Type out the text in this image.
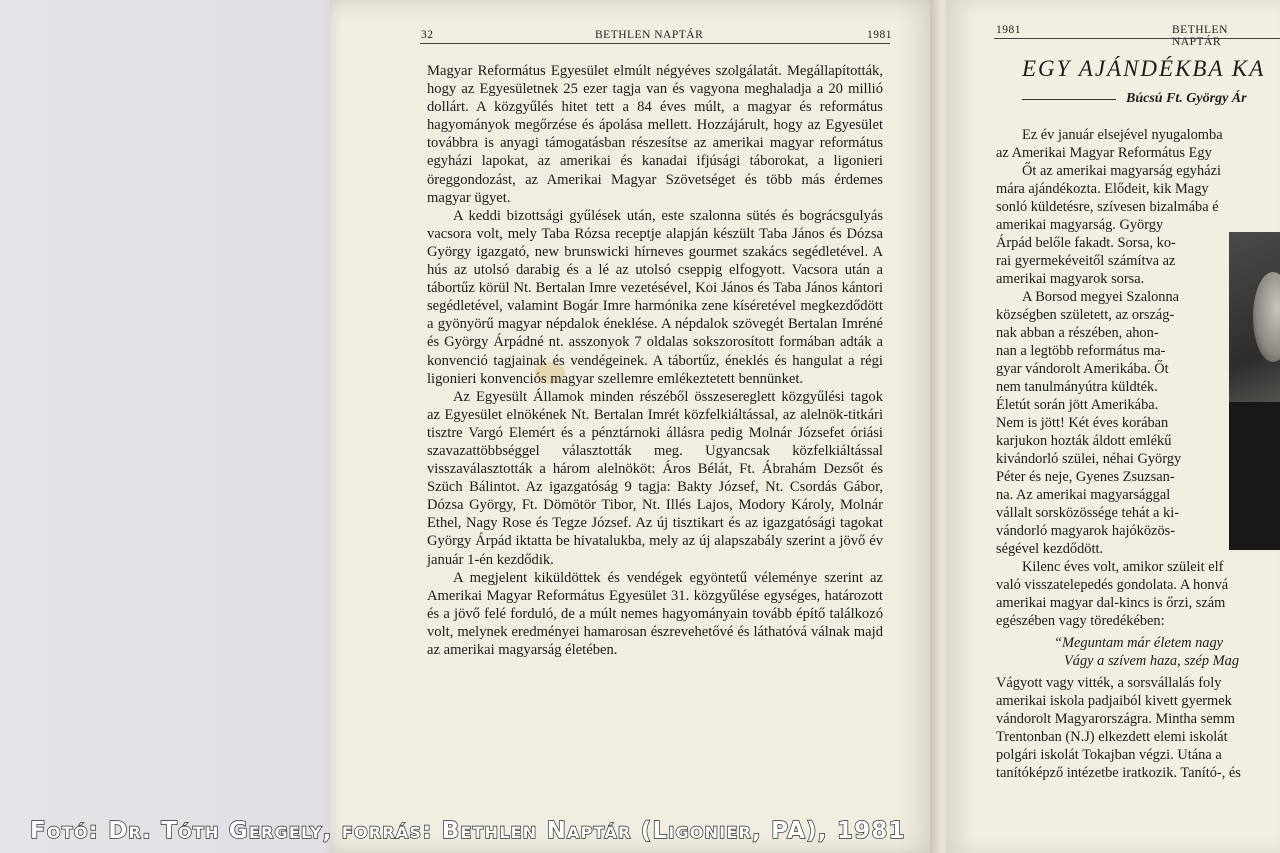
32	BETHLEN NAPTÁR	1981

Magyar Református Egyesület elmúlt négyéves szolgálatát. Megállapították, hogy az Egyesületnek 25 ezer tagja van és vagyona meghaladja a 20 millió dollárt. A közgyűlés hitet tett a 84 éves múlt, a magyar és református hagyományok megőrzése és ápolása mellett. Hozzájárult, hogy az Egyesület továbbra is anyagi támogatásban részesítse az amerikai magyar református egyházi lapokat, az amerikai és kanadai ifjúsági táborokat, a ligonieri öreggondozást, az Amerikai Magyar Szövetséget és több más érdemes magyar ügyet.

A keddi bizottsági gyűlések után, este szalonna sütés és bográcsgulyás vacsora volt, mely Taba Rózsa receptje alapján készült Taba János és Dózsa György igazgató, new brunswicki hírneves gourmet szakács segédletével. A hús az utolsó darabig és a lé az utolsó cseppig elfogyott. Vacsora után a tábortűz körül Nt. Bertalan Imre vezetésével, Koi János és Taba János kántori segédletével, valamint Bogár Imre harmónika zene kíséretével megkezdődött a gyönyörű magyar népdalok éneklése. A népdalok szövegét Bertalan Imréné és György Árpádné nt. asszonyok 7 oldalas sokszorosított formában adták a konvenció tagjainak és vendégeinek. A tábortűz, éneklés és hangulat a régi ligonieri konvenciós magyar szellemre emlékeztetett bennünket.

Az Egyesült Államok minden részéből összesereglett közgyűlési tagok az Egyesület elnökének Nt. Bertalan Imrét közfelkiáltással, az alelnök-titkári tisztre Vargó Elemért és a pénztárnoki állásra pedig Molnár Józsefet óriási szavazattöbbséggel választották meg. Ugyancsak közfelkiáltással visszaválasztották a három alelnököt: Áros Bélát, Ft. Ábrahám Dezsőt és Szüch Bálintot. Az igazgatóság 9 tagja: Bakty József, Nt. Csordás Gábor, Dózsa György, Ft. Dömötör Tibor, Nt. Illés Lajos, Modory Károly, Molnár Ethel, Nagy Rose és Tegze József. Az új tisztikart és az igazgatósági tagokat György Árpád iktatta be hivatalukba, mely az új alapszabály szerint a jövő év január 1-én kezdődik.

A megjelent kiküldöttek és vendégek egyöntetű véleménye szerint az Amerikai Magyar Református Egyesület 31. közgyűlése egységes, határozott és a jövő felé forduló, de a múlt nemes hagyományain tovább építő találkozó volt, melynek eredményei hamarosan észrevehetővé és láthatóvá válnak majd az amerikai magyarság életében.

1981	BETHLEN NAPTÁR
EGY AJÁNDÉKBA KA
Búcsú Ft. György Ár
Ez év január elsejével nyugalomba
az Amerikai Magyar Református Egy
Őt az amerikai magyarság egyházi
mára ajándékozta. Elődeit, kik Magy
sonló küldetésre, szívesen bizalmába é
amerikai magyarság. György
Árpád belőle fakadt. Sorsa, ko-
rai gyermekéveitől számítva az
amerikai magyarok sorsa.
A Borsod megyei Szalonna
községben született, az ország-
nak abban a részében, ahon-
nan a legtöbb református ma-
gyar vándorolt Amerikába. Őt
nem tanulmányútra küldték.
Életút során jött Amerikába.
Nem is jött! Két éves korában
karjukon hozták áldott emlékű
kivándorló szülei, néhai György
Péter és neje, Gyenes Zsuzsan-
na. Az amerikai magyarsággal
vállalt sorsközössége tehát a ki-
vándorló magyarok hajóközös-
ségével kezdődött.
Kilenc éves volt, amikor szüleit elf
való visszatelepedés gondolata. A honvá
amerikai magyar dal-kincs is őrzi, szám
egészében vagy töredékében:
“Meguntam már életem nagy
Vágy a szívem haza, szép Mag
Vágyott vagy vitték, a sorsvállalás foly
amerikai iskola padjaiból kivett gyermek
vándorolt Magyarországra. Mintha semm
Trentonban (N.J) elkezdett elemi iskolát
polgári iskolát Tokajban végzi. Utána a
tanítóképző intézetbe iratkozik. Tanító-, és
Fotó: Dr. Tóth Gergely, forrás: Bethlen Naptár (Ligonier, PA), 1981
